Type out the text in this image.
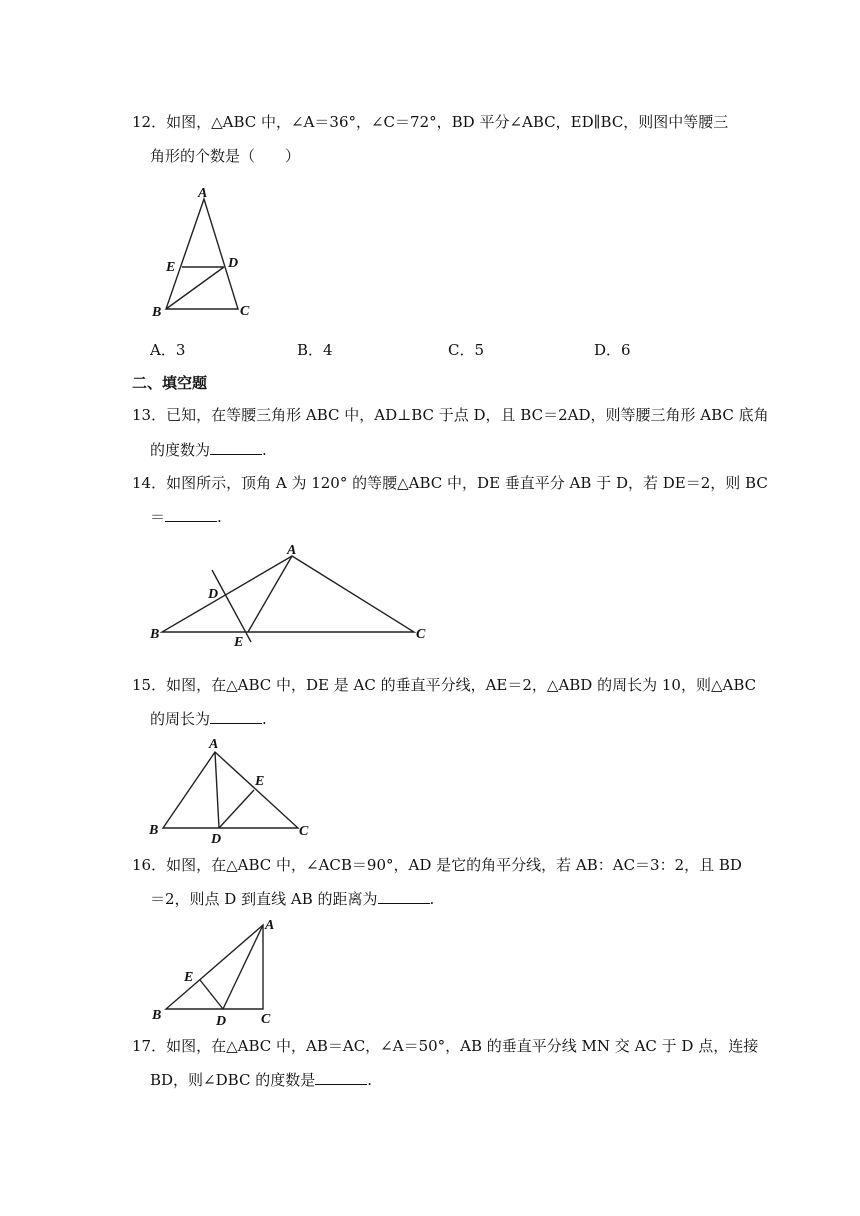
12．如图，△ABC 中，∠A＝36°，∠C＝72°，BD 平分∠ABC，ED∥BC，则图中等腰三
角形的个数是（　　）
A
E	D
B	C
A．3	B．4	C．5	D．6
二、填空题
13．已知，在等腰三角形 ABC 中，AD⊥BC 于点 D，且 BC＝2AD，则等腰三角形 ABC 底角
的度数为	.
14．如图所示，顶角 A 为 120° 的等腰△ABC 中，DE 垂直平分 AB 于 D，若 DE＝2，则 BC
＝	.
A
D
B
E
C
15．如图，在△ABC 中，DE 是 AC 的垂直平分线，AE＝2，△ABD 的周长为 10，则△ABC
的周长为	.
A
E
B
D
C
16．如图，在△ABC 中，∠ACB＝90°，AD 是它的角平分线，若 AB：AC＝3：2，且 BD
＝2，则点 D 到直线 AB 的距离为	.
A
E
B	D C
17．如图，在△ABC 中，AB＝AC，∠A＝50°，AB 的垂直平分线 MN 交 AC 于 D 点，连接
BD，则∠DBC 的度数是	.
